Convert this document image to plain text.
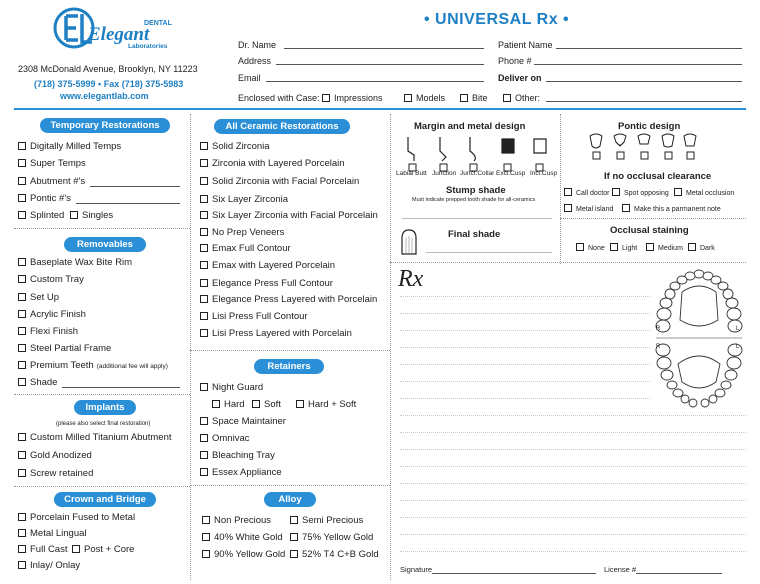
Elegant
DENTAL
Laboratories
2308 McDonald Avenue, Brooklyn, NY 11223
(718) 375-5999 • Fax (718) 375-5983
www.elegantlab.com
• UNIVERSAL Rx •
Dr. Name
Address
Email
Patient Name
Phone #
Deliver on
Enclosed with Case:	Impressions	Models	Bite	Other:
Temporary Restorations
Digitally Milled Temps
Super Temps
Abutment #'s
Pontic #'s
Splinted	Singles
Removables
Baseplate Wax Bite Rim
Custom Tray
Set Up
Acrylic Finish
Flexi Finish
Steel Partial Frame
Premium Teeth (additional fee will apply)
Shade
Implants
(please also select final restoration)
Custom Milled Titanium Abutment
Gold Anodized
Screw retained
Crown and Bridge
Porcelain Fused to Metal
Metal Lingual
Full Cast	Post + Core
Inlay/ Onlay
All Ceramic Restorations
Solid Zirconia
Zirconia with Layered Porcelain
Solid Zirconia with Facial Porcelain
Six Layer Zirconia
Six Layer Zirconia with Facial Porcelain
No Prep Veneers
Emax Full Contour
Emax with Layered Porcelain
Elegance Press Full Contour
Elegance Press Layered with Porcelain
Lisi Press Full Contour
Lisi Press Layered with Porcelain
Retainers
Night Guard
Hard	Soft	Hard + Soft
Space Maintainer
Omnivac
Bleaching Tray
Essex Appliance
Alloy
Non Precious	Semi Precious
40% White Gold	75% Yellow Gold
90% Yellow Gold	52% T4 C+B Gold
Margin and metal design
Labial Butt Junction Junct.Collar Excl.Cusp Incl.Cusp
Stump shade
Must indicate prepped tooth shade for all-ceramics
Final shade
Pontic design
If no occlusal clearance
Call doctor	Spot opposing	Metal occlusion
Metal island	Make this a parmanent note
Occlusal staining
None	Light	Medium	Dark
Rx
R	L
R	L
Signature	License #
